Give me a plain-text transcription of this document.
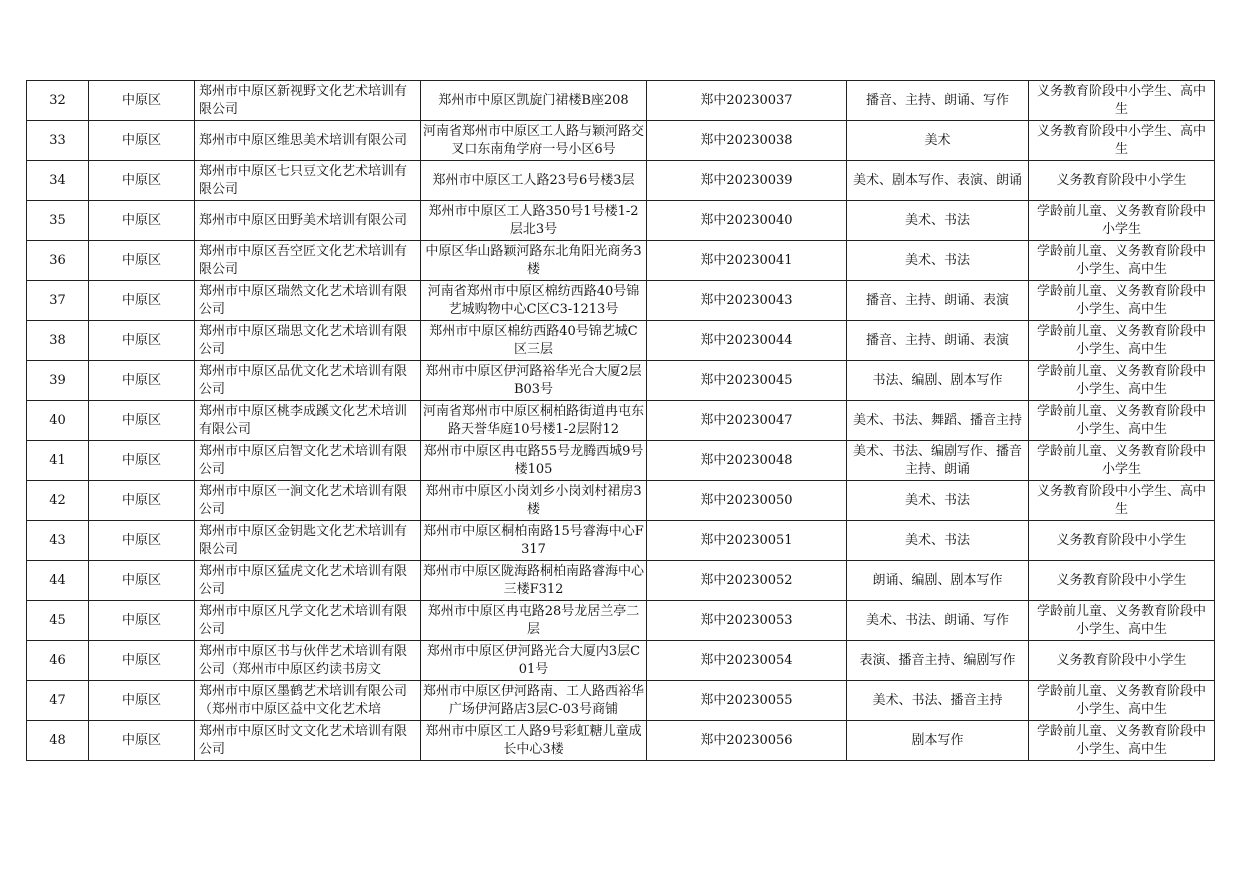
32	中原区	郑州市中原区新视野文化艺术培训有限公司	郑州市中原区凯旋门裙楼B座208	郑中20230037	播音、主持、朗诵、写作	义务教育阶段中小学生、高中生

33	中原区	郑州市中原区维思美术培训有限公司	河南省郑州市中原区工人路与颖河路交叉口东南角学府一号小区6号	郑中20230038	美术	义务教育阶段中小学生、高中生

34	中原区	郑州市中原区七只豆文化艺术培训有限公司	郑州市中原区工人路23号6号楼3层	郑中20230039	美术、剧本写作、表演、朗诵	义务教育阶段中小学生

35	中原区	郑州市中原区田野美术培训有限公司	郑州市中原区工人路350号1号楼1-2层北3号	郑中20230040	美术、书法	学龄前儿童、义务教育阶段中小学生

36	中原区	郑州市中原区吾空匠文化艺术培训有限公司	中原区华山路颖河路东北角阳光商务3楼	郑中20230041	美术、书法	学龄前儿童、义务教育阶段中小学生、高中生

37	中原区	郑州市中原区瑞然文化艺术培训有限公司	河南省郑州市中原区棉纺西路40号锦艺城购物中心C区C3-1213号	郑中20230043	播音、主持、朗诵、表演	学龄前儿童、义务教育阶段中小学生、高中生

38	中原区	郑州市中原区瑞思文化艺术培训有限公司	郑州市中原区棉纺西路40号锦艺城C区三层	郑中20230044	播音、主持、朗诵、表演	学龄前儿童、义务教育阶段中小学生、高中生

39	中原区	郑州市中原区品优文化艺术培训有限公司	郑州市中原区伊河路裕华光合大厦2层B03号	郑中20230045	书法、编剧、剧本写作	学龄前儿童、义务教育阶段中小学生、高中生

40	中原区	郑州市中原区桃李成蹊文化艺术培训有限公司	河南省郑州市中原区桐柏路街道冉屯东路天誉华庭10号楼1-2层附12	郑中20230047	美术、书法、舞蹈、播音主持	学龄前儿童、义务教育阶段中小学生、高中生

41	中原区	郑州市中原区启智文化艺术培训有限公司	郑州市中原区冉屯路55号龙腾西城9号楼105	郑中20230048	美术、书法、编剧写作、播音主持、朗诵	学龄前儿童、义务教育阶段中小学生

42	中原区	郑州市中原区一涧文化艺术培训有限公司	郑州市中原区小岗刘乡小岗刘村裙房3楼	郑中20230050	美术、书法	义务教育阶段中小学生、高中生

43	中原区	郑州市中原区金钥匙文化艺术培训有限公司	郑州市中原区桐柏南路15号睿海中心F317	郑中20230051	美术、书法	义务教育阶段中小学生

44	中原区	郑州市中原区猛虎文化艺术培训有限公司	郑州市中原区陇海路桐柏南路睿海中心三楼F312	郑中20230052	朗诵、编剧、剧本写作	义务教育阶段中小学生

45	中原区	郑州市中原区凡学文化艺术培训有限公司	郑州市中原区冉屯路28号龙居兰亭二层	郑中20230053	美术、书法、朗诵、写作	学龄前儿童、义务教育阶段中小学生、高中生

46	中原区	郑州市中原区书与伙伴艺术培训有限公司（郑州市中原区约读书房文	郑州市中原区伊河路光合大厦内3层C01号	郑中20230054	表演、播音主持、编剧写作	义务教育阶段中小学生

47	中原区	郑州市中原区墨鹤艺术培训有限公司（郑州市中原区益中文化艺术培	郑州市中原区伊河路南、工人路西裕华广场伊河路店3层C-03号商铺	郑中20230055	美术、书法、播音主持	学龄前儿童、义务教育阶段中小学生、高中生

48	中原区	郑州市中原区时文文化艺术培训有限公司	郑州市中原区工人路9号彩虹糖儿童成长中心3楼	郑中20230056	剧本写作	学龄前儿童、义务教育阶段中小学生、高中生
